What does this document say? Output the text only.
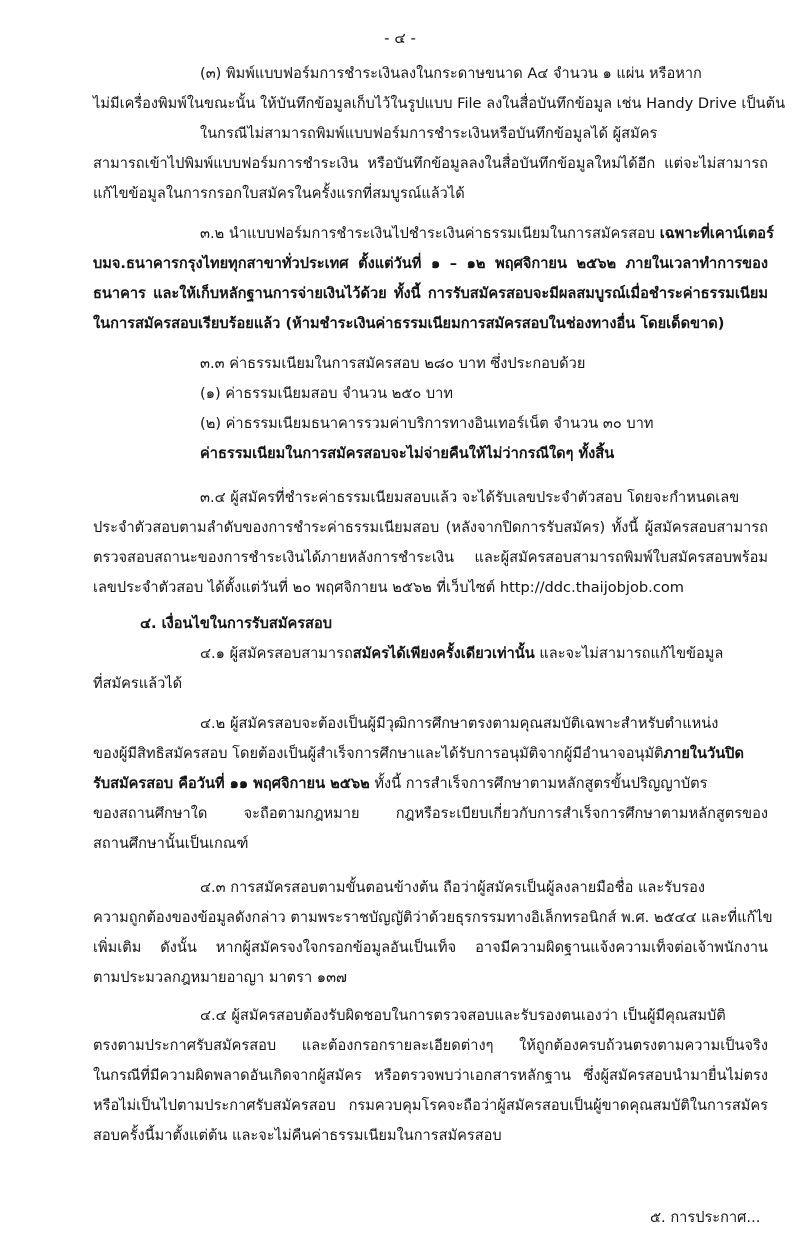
- ๔ -
(๓) พิมพ์แบบฟอร์มการชำระเงินลงในกระดาษขนาด A๔ จำนวน ๑ แผ่น หรือหาก
ไม่มีเครื่องพิมพ์ในขณะนั้น ให้บันทึกข้อมูลเก็บไว้ในรูปแบบ File ลงในสื่อบันทึกข้อมูล เช่น Handy Drive เป็นต้น
ในกรณีไม่สามารถพิมพ์แบบฟอร์มการชำระเงินหรือบันทึกข้อมูลได้ ผู้สมัคร
สามารถเข้าไปพิมพ์แบบฟอร์มการชำระเงิน หรือบันทึกข้อมูลลงในสื่อบันทึกข้อมูลใหม่ได้อีก แต่จะไม่สามารถ
แก้ไขข้อมูลในการกรอกใบสมัครในครั้งแรกที่สมบูรณ์แล้วได้
๓.๒ นำแบบฟอร์มการชำระเงินไปชำระเงินค่าธรรมเนียมในการสมัครสอบ เฉพาะที่เคาน์เตอร์
บมจ.ธนาคารกรุงไทยทุกสาขาทั่วประเทศ ตั้งแต่วันที่ ๑ – ๑๒ พฤศจิกายน ๒๕๖๒ ภายในเวลาทำการของ
ธนาคาร และให้เก็บหลักฐานการจ่ายเงินไว้ด้วย ทั้งนี้ การรับสมัครสอบจะมีผลสมบูรณ์เมื่อชำระค่าธรรมเนียม
ในการสมัครสอบเรียบร้อยแล้ว (ห้ามชำระเงินค่าธรรมเนียมการสมัครสอบในช่องทางอื่น โดยเด็ดขาด)
๓.๓ ค่าธรรมเนียมในการสมัครสอบ ๒๘๐ บาท ซึ่งประกอบด้วย
(๑) ค่าธรรมเนียมสอบ จำนวน ๒๕๐ บาท
(๒) ค่าธรรมเนียมธนาคารรวมค่าบริการทางอินเทอร์เน็ต จำนวน ๓๐ บาท
ค่าธรรมเนียมในการสมัครสอบจะไม่จ่ายคืนให้ไม่ว่ากรณีใดๆ ทั้งสิ้น
๓.๔ ผู้สมัครที่ชำระค่าธรรมเนียมสอบแล้ว จะได้รับเลขประจำตัวสอบ โดยจะกำหนดเลข
ประจำตัวสอบตามลำดับของการชำระค่าธรรมเนียมสอบ (หลังจากปิดการรับสมัคร) ทั้งนี้ ผู้สมัครสอบสามารถ
ตรวจสอบสถานะของการชำระเงินได้ภายหลังการชำระเงิน และผู้สมัครสอบสามารถพิมพ์ใบสมัครสอบพร้อม
เลขประจำตัวสอบ ได้ตั้งแต่วันที่ ๒๐ พฤศจิกายน ๒๕๖๒ ที่เว็บไซต์ http://ddc.thaijobjob.com
๔. เงื่อนไขในการรับสมัครสอบ
๔.๑ ผู้สมัครสอบสามารถสมัครได้เพียงครั้งเดียวเท่านั้น และจะไม่สามารถแก้ไขข้อมูล
ที่สมัครแล้วได้
๔.๒ ผู้สมัครสอบจะต้องเป็นผู้มีวุฒิการศึกษาตรงตามคุณสมบัติเฉพาะสำหรับตำแหน่ง
ของผู้มีสิทธิสมัครสอบ โดยต้องเป็นผู้สำเร็จการศึกษาและได้รับการอนุมัติจากผู้มีอำนาจอนุมัติภายในวันปิด
รับสมัครสอบ คือวันที่ ๑๑ พฤศจิกายน ๒๕๖๒ ทั้งนี้ การสำเร็จการศึกษาตามหลักสูตรขั้นปริญญาบัตร
ของสถานศึกษาใด จะถือตามกฎหมาย กฎหรือระเบียบเกี่ยวกับการสำเร็จการศึกษาตามหลักสูตรของ
สถานศึกษานั้นเป็นเกณฑ์
๔.๓ การสมัครสอบตามขั้นตอนข้างต้น ถือว่าผู้สมัครเป็นผู้ลงลายมือชื่อ และรับรอง
ความถูกต้องของข้อมูลดังกล่าว ตามพระราชบัญญัติว่าด้วยธุรกรรมทางอิเล็กทรอนิกส์ พ.ศ. ๒๕๔๔ และที่แก้ไข
เพิ่มเติม ดังนั้น หากผู้สมัครจงใจกรอกข้อมูลอันเป็นเท็จ อาจมีความผิดฐานแจ้งความเท็จต่อเจ้าพนักงาน
ตามประมวลกฎหมายอาญา มาตรา ๑๓๗
๔.๔ ผู้สมัครสอบต้องรับผิดชอบในการตรวจสอบและรับรองตนเองว่า เป็นผู้มีคุณสมบัติ
ตรงตามประกาศรับสมัครสอบ และต้องกรอกรายละเอียดต่างๆ ให้ถูกต้องครบถ้วนตรงตามความเป็นจริง
ในกรณีที่มีความผิดพลาดอันเกิดจากผู้สมัคร หรือตรวจพบว่าเอกสารหลักฐาน ซึ่งผู้สมัครสอบนำมายื่นไม่ตรง
หรือไม่เป็นไปตามประกาศรับสมัครสอบ กรมควบคุมโรคจะถือว่าผู้สมัครสอบเป็นผู้ขาดคุณสมบัติในการสมัคร
สอบครั้งนี้มาตั้งแต่ต้น และจะไม่คืนค่าธรรมเนียมในการสมัครสอบ
๕. การประกาศ...
